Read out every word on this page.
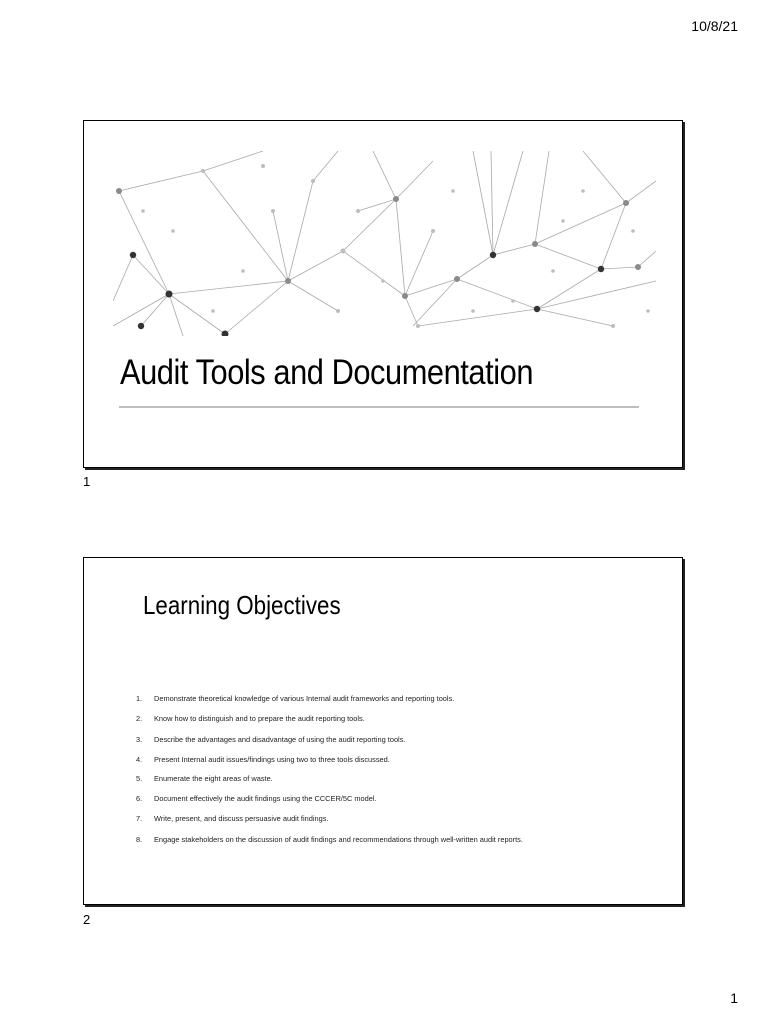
10/8/21
Audit Tools and Documentation
1
Learning Objectives
1.	Demonstrate theoretical knowledge of various Internal audit frameworks and reporting tools.
2.	Know how to distinguish and to prepare the audit reporting tools.
3.	Describe the advantages and disadvantage of using the audit reporting tools.
4.	Present Internal audit issues/findings using two to three tools discussed.
5.	Enumerate the eight areas of waste.
6.	Document effectively the audit findings using the CCCER/5C model.
7.	Write, present, and discuss persuasive audit findings.
8.	Engage stakeholders on the discussion of audit findings and recommendations through well-written audit reports.
2
1
